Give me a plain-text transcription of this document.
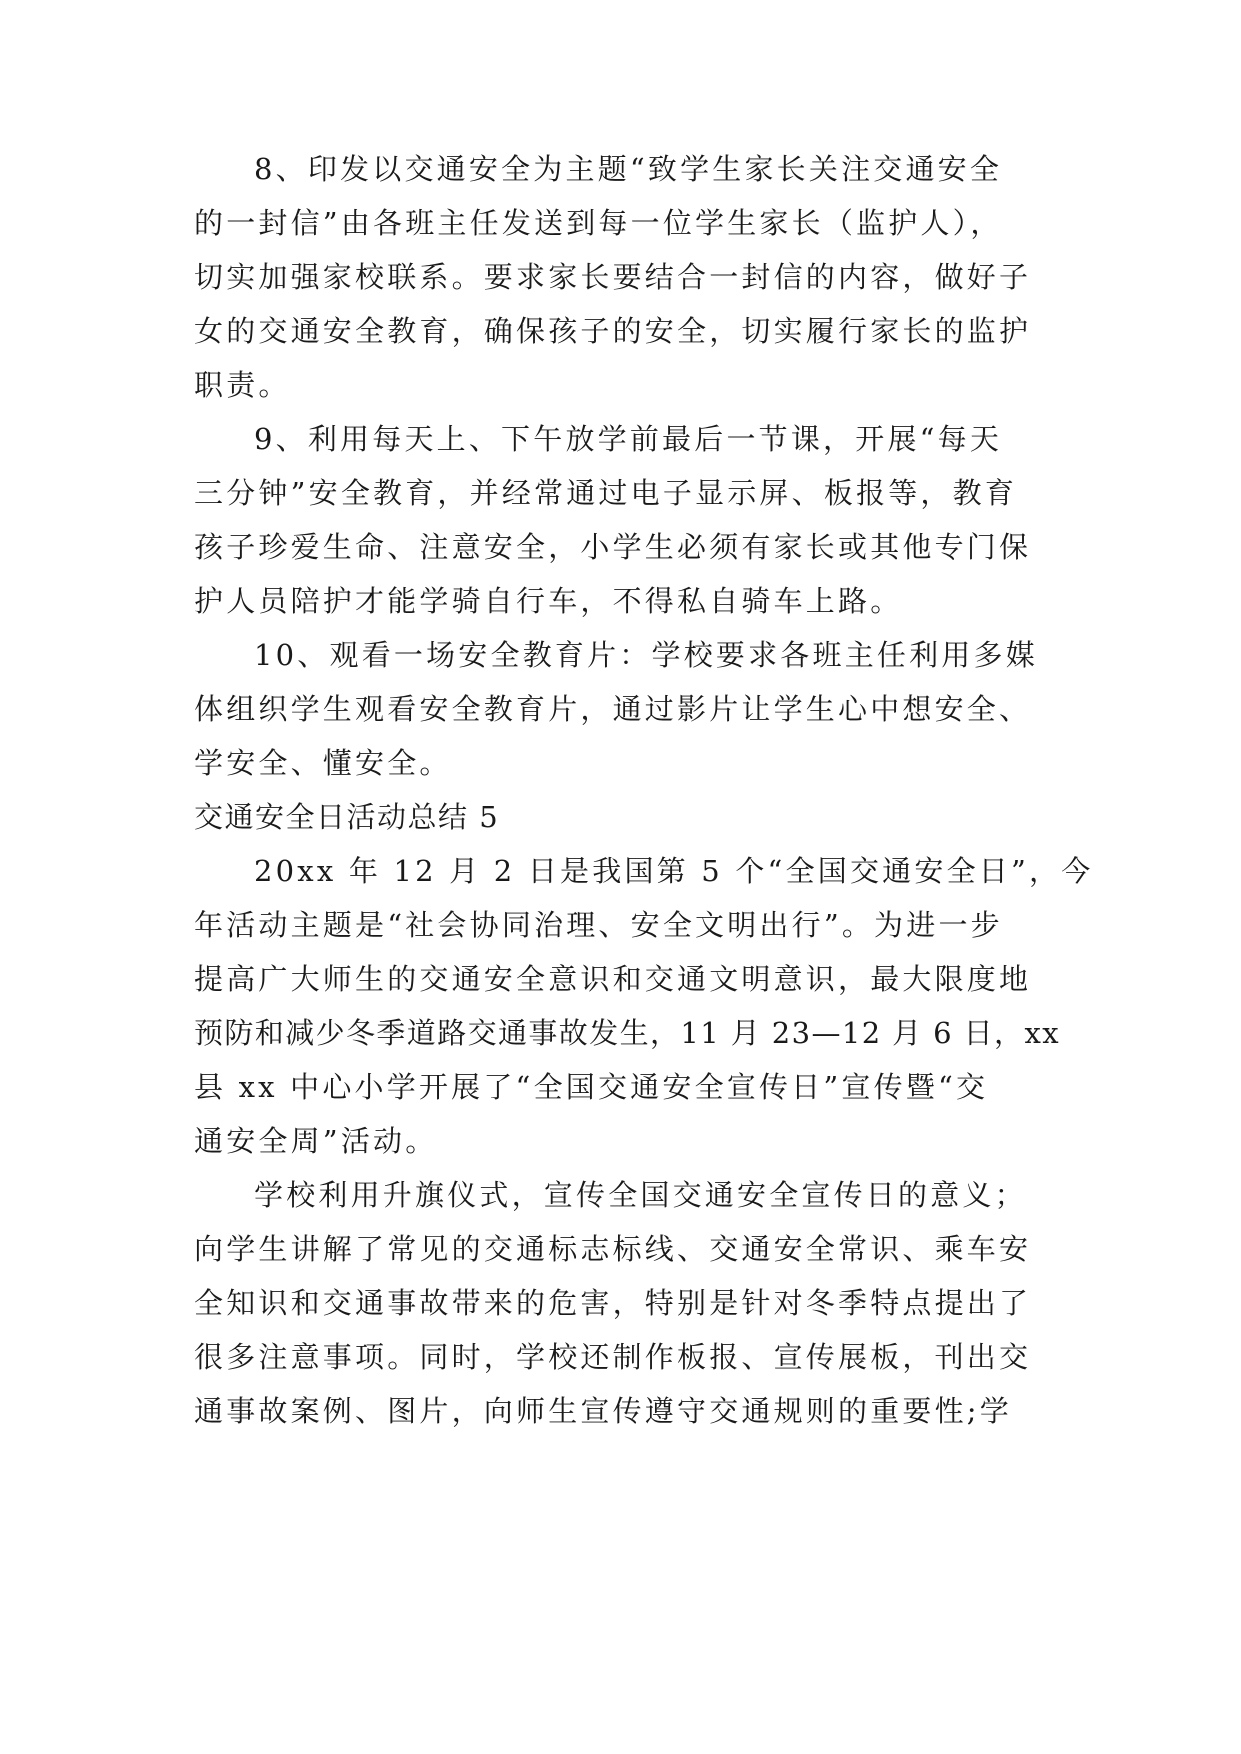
8、印发以交通安全为主题“致学生家长关注交通安全
的一封信”由各班主任发送到每一位学生家长（监护人），
切实加强家校联系。要求家长要结合一封信的内容，做好子
女的交通安全教育，确保孩子的安全，切实履行家长的监护
职责。
9、利用每天上、下午放学前最后一节课，开展“每天
三分钟”安全教育，并经常通过电子显示屏、板报等，教育
孩子珍爱生命、注意安全，小学生必须有家长或其他专门保
护人员陪护才能学骑自行车，不得私自骑车上路。
10、观看一场安全教育片：学校要求各班主任利用多媒
体组织学生观看安全教育片，通过影片让学生心中想安全、
学安全、懂安全。
交通安全日活动总结 5
20xx 年 12 月 2 日是我国第 5 个“全国交通安全日”，今
年活动主题是“社会协同治理、安全文明出行”。为进一步
提高广大师生的交通安全意识和交通文明意识，最大限度地
预防和减少冬季道路交通事故发生，11 月 23—12 月 6 日，xx
县 xx 中心小学开展了“全国交通安全宣传日”宣传暨“交
通安全周”活动。
学校利用升旗仪式，宣传全国交通安全宣传日的意义；
向学生讲解了常见的交通标志标线、交通安全常识、乘车安
全知识和交通事故带来的危害，特别是针对冬季特点提出了
很多注意事项。同时，学校还制作板报、宣传展板，刊出交
通事故案例、图片，向师生宣传遵守交通规则的重要性;学
